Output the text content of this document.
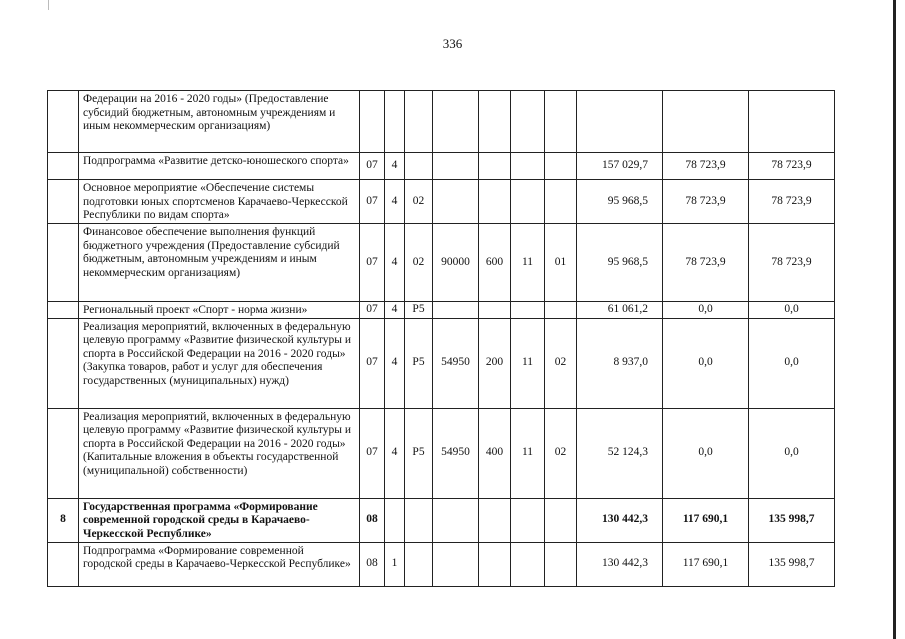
336
	Федерации на 2016 - 2020 годы» (Предоставление субсидий бюджетным, автономным учреждениям и иным некоммерческим организациям)										
	Подпрограмма «Развитие детско-юношеского спорта»	07	4						157 029,7	78 723,9	78 723,9
	Основное мероприятие «Обеспечение системы подготовки юных спортсменов Карачаево-Черкесской Республики по видам спорта»	07	4	02					95 968,5	78 723,9	78 723,9
	Финансовое обеспечение выполнения функций бюджетного учреждения (Предоставление субсидий бюджетным, автономным учреждениям и иным некоммерческим организациям)	07	4	02	90000	600	11	01	95 968,5	78 723,9	78 723,9
	Региональный проект «Спорт - норма жизни»	07	4	P5					61 061,2	0,0	0,0
	Реализация мероприятий, включенных в федеральную целевую программу «Развитие физической культуры и спорта в Российской Федерации на 2016 - 2020 годы» (Закупка товаров, работ и услуг для обеспечения государственных (муниципальных) нужд)	07	4	P5	54950	200	11	02	8 937,0	0,0	0,0
	Реализация мероприятий, включенных в федеральную целевую программу «Развитие физической культуры и спорта в Российской Федерации на 2016 - 2020 годы» (Капитальные вложения в объекты государственной (муниципальной) собственности)	07	4	P5	54950	400	11	02	52 124,3	0,0	0,0
8	Государственная программа «Формирование современной городской среды в Карачаево-Черкесской Республике»	08							130 442,3	117 690,1	135 998,7
	Подпрограмма «Формирование современной городской среды в Карачаево-Черкесской Республике»	08	1						130 442,3	117 690,1	135 998,7
